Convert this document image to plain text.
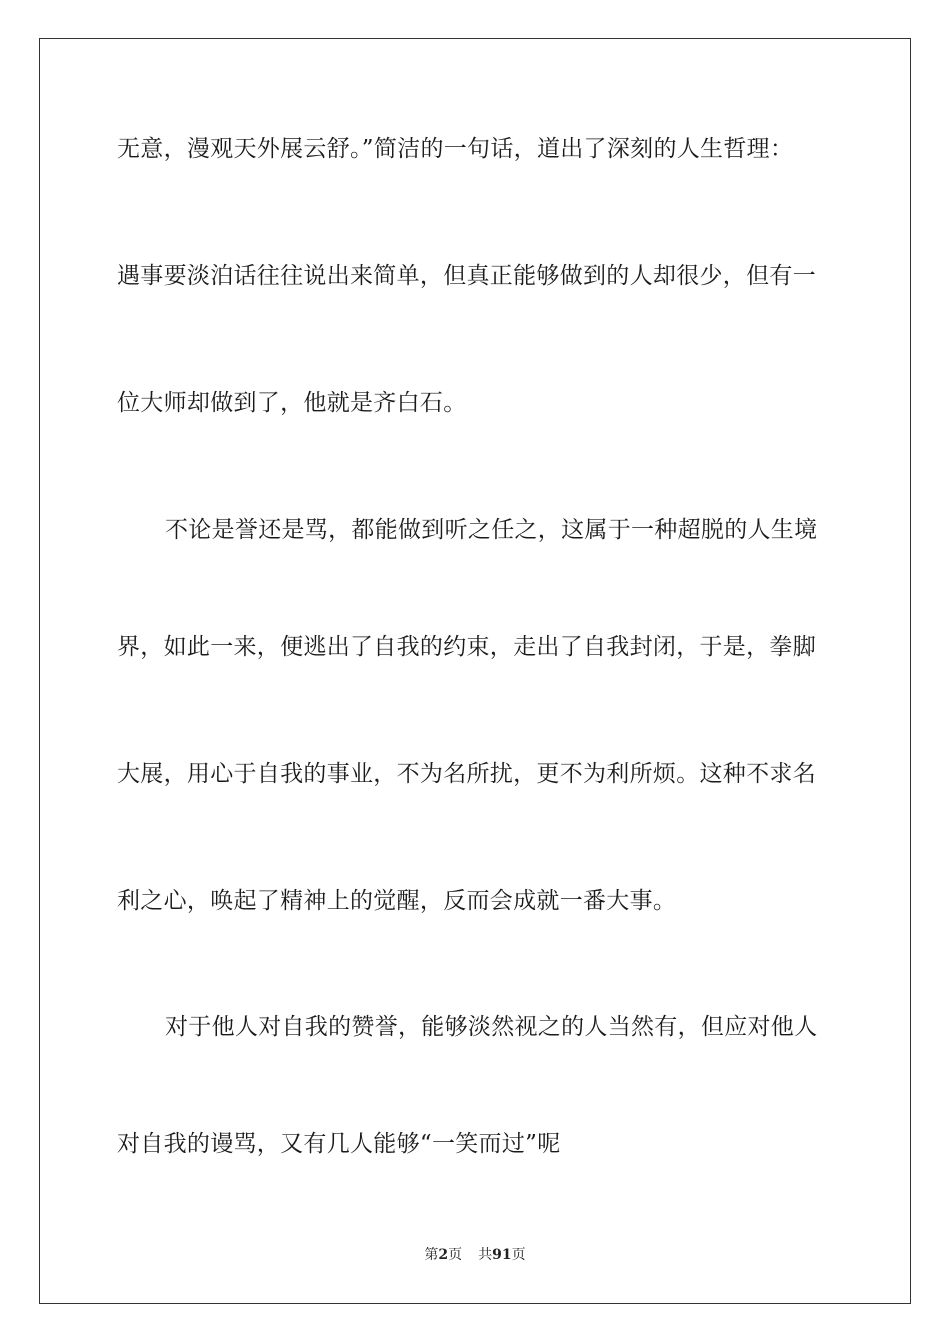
无意，漫观天外展云舒。”简洁的一句话，道出了深刻的人生哲理：
遇事要淡泊话往往说出来简单，但真正能够做到的人却很少，但有一
位大师却做到了，他就是齐白石。
不论是誉还是骂，都能做到听之任之，这属于一种超脱的人生境
界，如此一来，便逃出了自我的约束，走出了自我封闭，于是，拳脚
大展，用心于自我的事业，不为名所扰，更不为利所烦。这种不求名
利之心，唤起了精神上的觉醒，反而会成就一番大事。
对于他人对自我的赞誉，能够淡然视之的人当然有，但应对他人
对自我的谩骂，又有几人能够“一笑而过”呢
第2页 共91页
